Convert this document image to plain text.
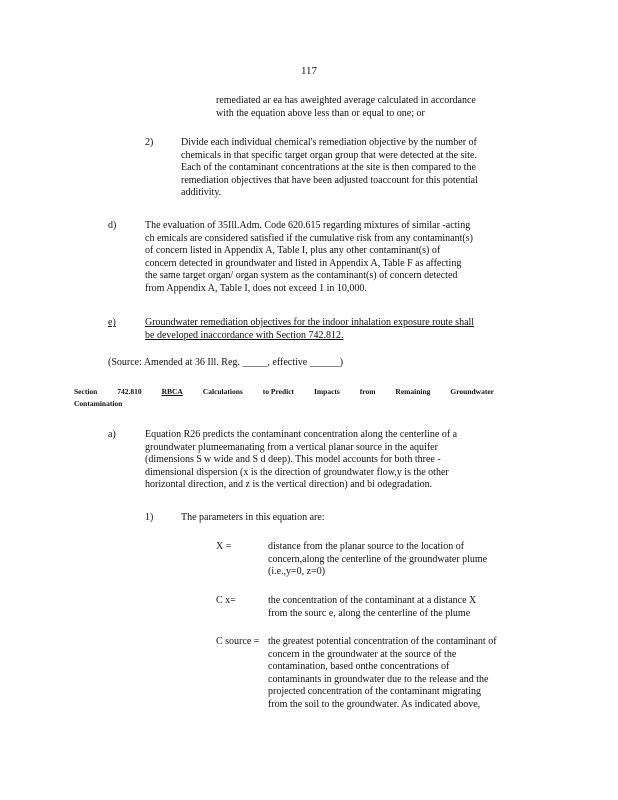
117
remediated ar ea has aweighted average calculated in accordance
with the equation above less than or equal to one; or
2)	Divide each individual chemical's remediation objective by the number of
chemicals in that specific target organ group that were detected at the site.
Each of the contaminant concentrations at the site is then compared to the
remediation objectives that have been adjusted toaccount for this potential
additivity.
d)	The evaluation of 35Ill.Adm. Code 620.615 regarding mixtures of similar -acting
ch emicals are considered satisfied if the cumulative risk from any contaminant(s)
of concern listed in Appendix A, Table I, plus any other contaminant(s) of
concern detected in groundwater and listed in Appendix A, Table F as affecting
the same target organ/ organ system as the contaminant(s) of concern detected
from Appendix A, Table I, does not exceed 1 in 10,000.
e)	Groundwater remediation objectives for the indoor inhalation exposure route shall
be developed inaccordance with Section 742.812.
(Source: Amended at 36 Ill. Reg. _____, effective ______)
Section	742.810	RBCA	Calculations	to Predict	Impacts	from	Remaining	Groundwater
Contamination
a)	Equation R26 predicts the contaminant concentration along the centerline of a
groundwater plumeemanating from a vertical planar source in the aquifer
(dimensions S w wide and S d deep). This model accounts for both three -
dimensional dispersion (x is the direction of groundwater flow,y is the other
horizontal direction, and z is the vertical direction) and bi odegradation.
1)	The parameters in this equation are:
X =	distance from the planar source to the location of
concern,along the centerline of the groundwater plume
(i.e.,y=0, z=0)
C x=	the concentration of the contaminant at a distance X
from the sourc e, along the centerline of the plume
C source = the greatest potential concentration of the contaminant of
concern in the groundwater at the source of the
contamination, based onthe concentrations of
contaminants in groundwater due to the release and the
projected concentration of the contaminant migrating
from the soil to the groundwater. As indicated above,
